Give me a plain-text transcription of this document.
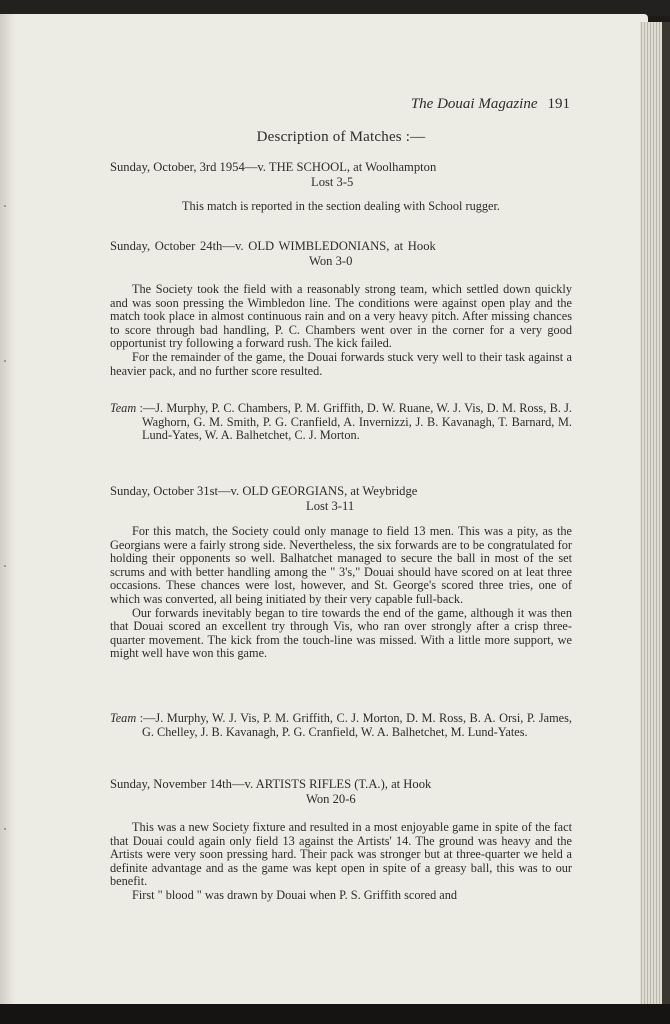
The Douai Magazine 191
Description of Matches :—
Sunday, October, 3rd 1954—v. THE SCHOOL, at Woolhampton
Lost 3-5

This match is reported in the section dealing with School rugger.

Sunday, October 24th—v. OLD WIMBLEDONIANS, at Hook
Won 3-0

The Society took the field with a reasonably strong team, which settled down quickly and was soon pressing the Wimbledon line. The conditions were against open play and the match took place in almost continuous rain and on a very heavy pitch. After missing chances to score through bad handling, P. C. Chambers went over in the corner for a very good opportunist try following a forward rush. The kick failed.

For the remainder of the game, the Douai forwards stuck very well to their task against a heavier pack, and no further score resulted.

Team :—J. Murphy, P. C. Chambers, P. M. Griffith, D. W. Ruane, W. J. Vis, D. M. Ross, B. J. Waghorn, G. M. Smith, P. G. Cranfield, A. Invernizzi, J. B. Kavanagh, T. Barnard, M. Lund-Yates, W. A. Balhetchet, C. J. Morton.

Sunday, October 31st—v. OLD GEORGIANS, at Weybridge
Lost 3-11

For this match, the Society could only manage to field 13 men. This was a pity, as the Georgians were a fairly strong side. Nevertheless, the six forwards are to be congratulated for holding their opponents so well. Balhatchet managed to secure the ball in most of the set scrums and with better handling among the " 3's," Douai should have scored on at leat three occasions. These chances were lost, however, and St. George's scored three tries, one of which was converted, all being initiated by their very capable full-back.

Our forwards inevitably began to tire towards the end of the game, although it was then that Douai scored an excellent try through Vis, who ran over strongly after a crisp three-quarter movement. The kick from the touch-line was missed. With a little more support, we might well have won this game.

Team :—J. Murphy, W. J. Vis, P. M. Griffith, C. J. Morton, D. M. Ross, B. A. Orsi, P. James, G. Chelley, J. B. Kavanagh, P. G. Cranfield, W. A. Balhetchet, M. Lund-Yates.

Sunday, November 14th—v. ARTISTS RIFLES (T.A.), at Hook
Won 20-6

This was a new Society fixture and resulted in a most enjoyable game in spite of the fact that Douai could again only field 13 against the Artists' 14. The ground was heavy and the Artists were very soon pressing hard. Their pack was stronger but at three-quarter we held a definite advantage and as the game was kept open in spite of a greasy ball, this was to our benefit.

First " blood " was drawn by Douai when P. S. Griffith scored and
